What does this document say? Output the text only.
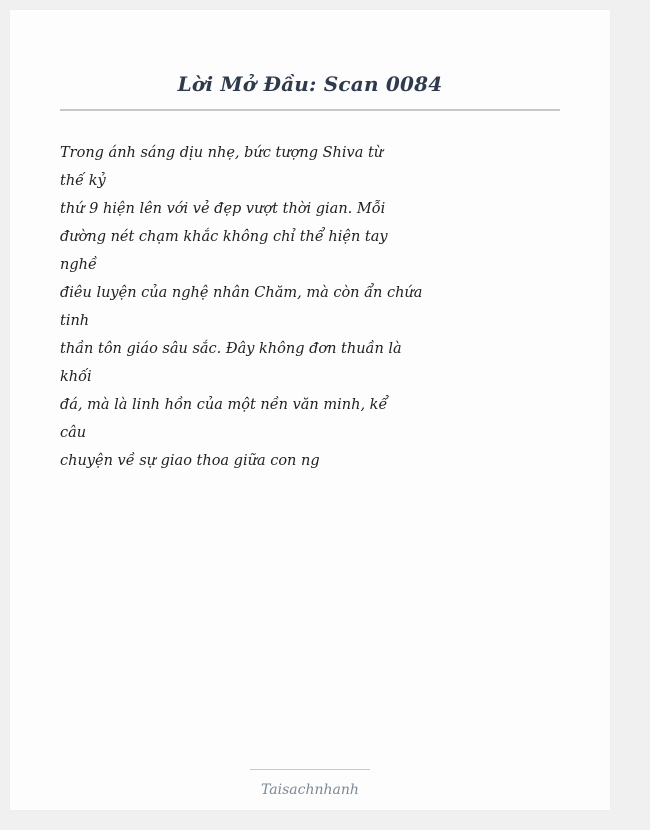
Lời Mở Đầu: Scan 0084
Trong ánh sáng dịu nhẹ, bức tượng Shiva từ
thế kỷ
thứ 9 hiện lên với vẻ đẹp vượt thời gian. Mỗi
đường nét chạm khắc không chỉ thể hiện tay
nghề
điêu luyện của nghệ nhân Chăm, mà còn ẩn chứa
tinh
thần tôn giáo sâu sắc. Đây không đơn thuần là
khối
đá, mà là linh hồn của một nền văn minh, kể
câu
chuyện về sự giao thoa giữa con ng
Taisachnhanh
